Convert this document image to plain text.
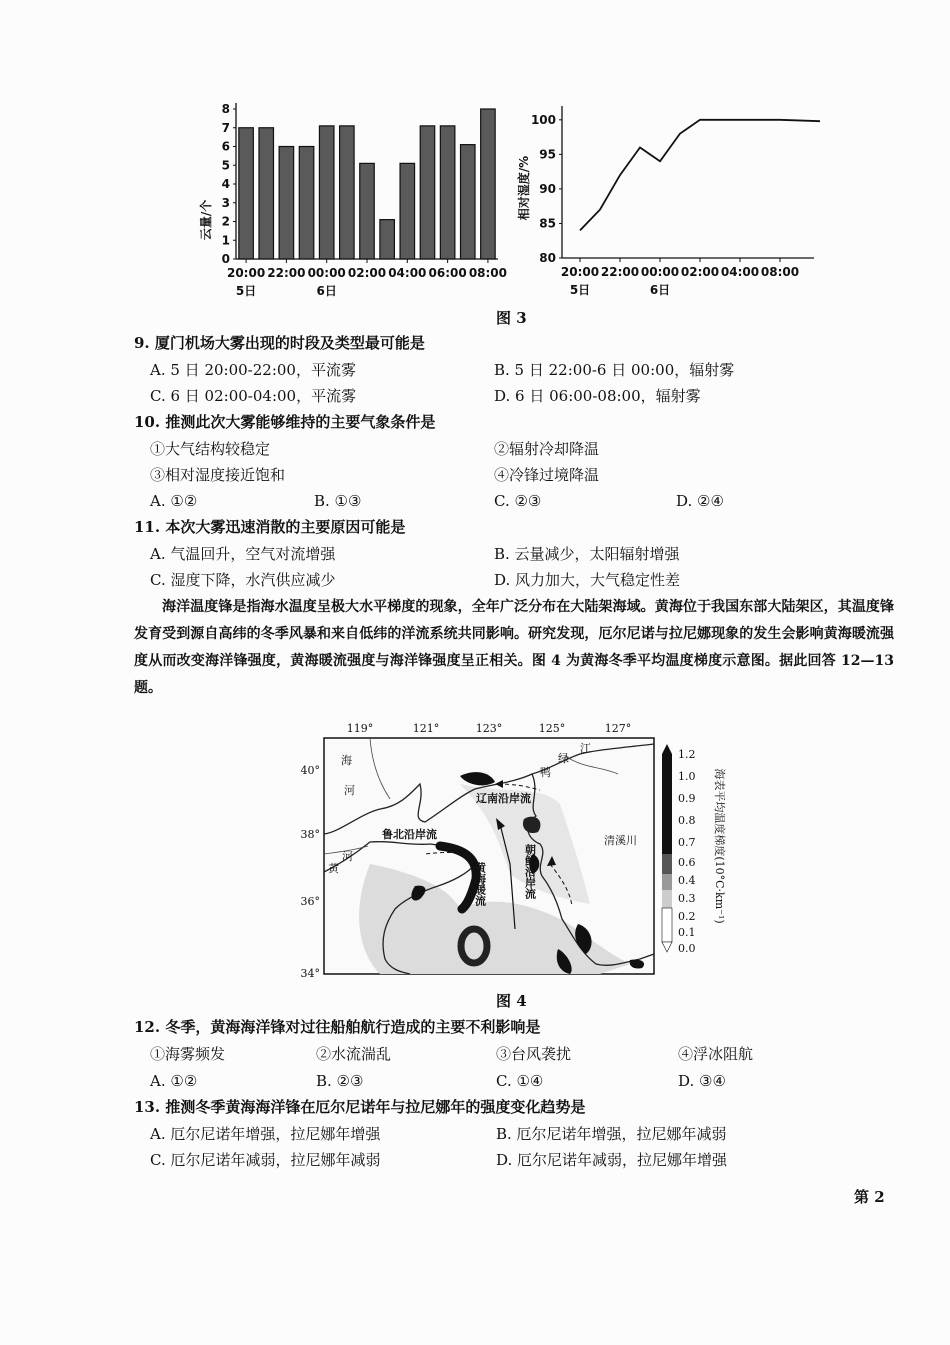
0
1
2
3
4
5
6
7
8
20:00 22:00 00:00 02:00 04:00 06:00 08:00
5日	6日
云量/个
80
85
90
95
100
20:00 22:00 00:00 02:00 04:00 08:00
5日	6日
相对湿度/%
图 3
9. 厦门机场大雾出现的时段及类型最可能是
A. 5 日 20:00-22:00，平流雾	B. 5 日 22:00-6 日 00:00，辐射雾
C. 6 日 02:00-04:00，平流雾	D. 6 日 06:00-08:00，辐射雾
10. 推测此次大雾能够维持的主要气象条件是
①大气结构较稳定	②辐射冷却降温
③相对湿度接近饱和	④冷锋过境降温
A. ①②	B. ①③	C. ②③	D. ②④
11. 本次大雾迅速消散的主要原因可能是
A. 气温回升，空气对流增强	B. 云量减少，太阳辐射增强
C. 湿度下降，水汽供应减少	D. 风力加大，大气稳定性差
海洋温度锋是指海水温度呈极大水平梯度的现象，全年广泛分布在大陆架海域。黄海位于我国东部大陆架区，其温度锋发育受到源自高纬的冬季风暴和来自低纬的洋流系统共同影响。研究发现，厄尔尼诺与拉尼娜现象的发生会影响黄海暖流强度从而改变海洋锋强度，黄海暖流强度与海洋锋强度呈正相关。图 4 为黄海冬季平均温度梯度示意图。据此回答 12—13 题。
119°	121°	123°	125°	127°
40°
38°
36°
34°
海
河
黄
河
鸭
绿
江
辽南沿岸流
鲁北沿岸流
黄海暖流	朝鲜沿岸流
清溪川
1.2
1.0
0.9
0.8
0.7
0.6
0.4
0.3
0.2
0.1
0.0
海表平均温度梯度(10°C·km⁻¹)
图 4
12. 冬季，黄海海洋锋对过往船舶航行造成的主要不利影响是
①海雾频发	②水流湍乱	③台风袭扰	④浮冰阻航
A. ①②	B. ②③	C. ①④	D. ③④
13. 推测冬季黄海海洋锋在厄尔尼诺年与拉尼娜年的强度变化趋势是
A. 厄尔尼诺年增强，拉尼娜年增强	B. 厄尔尼诺年增强，拉尼娜年减弱
C. 厄尔尼诺年减弱，拉尼娜年减弱	D. 厄尔尼诺年减弱，拉尼娜年增强
第 2
